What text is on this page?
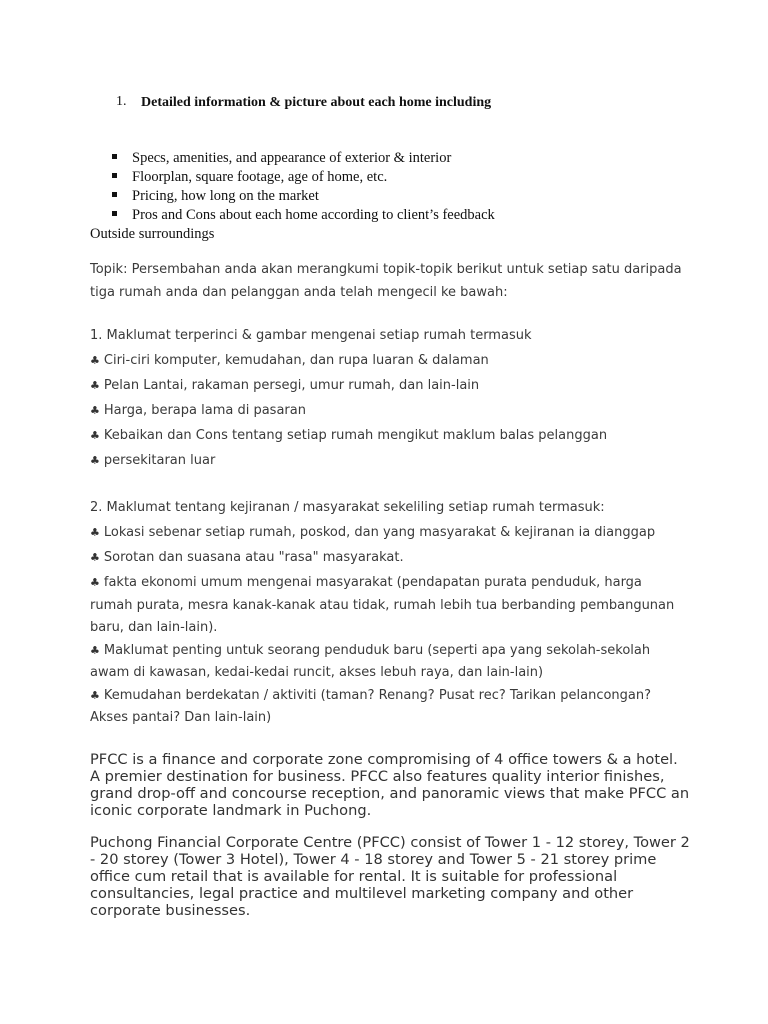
1. Detailed information & picture about each home including
Specs, amenities, and appearance of exterior & interior
Floorplan, square footage, age of home, etc.
Pricing, how long on the market
Pros and Cons about each home according to client’s feedback
Outside surroundings
Topik: Persembahan anda akan merangkumi topik-topik berikut untuk setiap satu daripada
tiga rumah anda dan pelanggan anda telah mengecil ke bawah:
1. Maklumat terperinci & gambar mengenai setiap rumah termasuk
♣ Ciri-ciri komputer, kemudahan, dan rupa luaran & dalaman
♣ Pelan Lantai, rakaman persegi, umur rumah, dan lain-lain
♣ Harga, berapa lama di pasaran
♣ Kebaikan dan Cons tentang setiap rumah mengikut maklum balas pelanggan
♣ persekitaran luar
2. Maklumat tentang kejiranan / masyarakat sekeliling setiap rumah termasuk:
♣ Lokasi sebenar setiap rumah, poskod, dan yang masyarakat & kejiranan ia dianggap
♣ Sorotan dan suasana atau "rasa" masyarakat.
♣ fakta ekonomi umum mengenai masyarakat (pendapatan purata penduduk, harga rumah purata, mesra kanak-kanak atau tidak, rumah lebih tua berbanding pembangunan baru, dan lain-lain).
♣ Maklumat penting untuk seorang penduduk baru (seperti apa yang sekolah-sekolah awam di kawasan, kedai-kedai runcit, akses lebuh raya, dan lain-lain)
♣ Kemudahan berdekatan / aktiviti (taman? Renang? Pusat rec? Tarikan pelancongan? Akses pantai? Dan lain-lain)
PFCC is a finance and corporate zone compromising of 4 office towers & a hotel. A premier destination for business. PFCC also features quality interior finishes, grand drop-off and concourse reception, and panoramic views that make PFCC an iconic corporate landmark in Puchong.
Puchong Financial Corporate Centre (PFCC) consist of Tower 1 - 12 storey, Tower 2 - 20 storey (Tower 3 Hotel), Tower 4 - 18 storey and Tower 5 - 21 storey prime office cum retail that is available for rental. It is suitable for professional consultancies, legal practice and multilevel marketing company and other corporate businesses.
